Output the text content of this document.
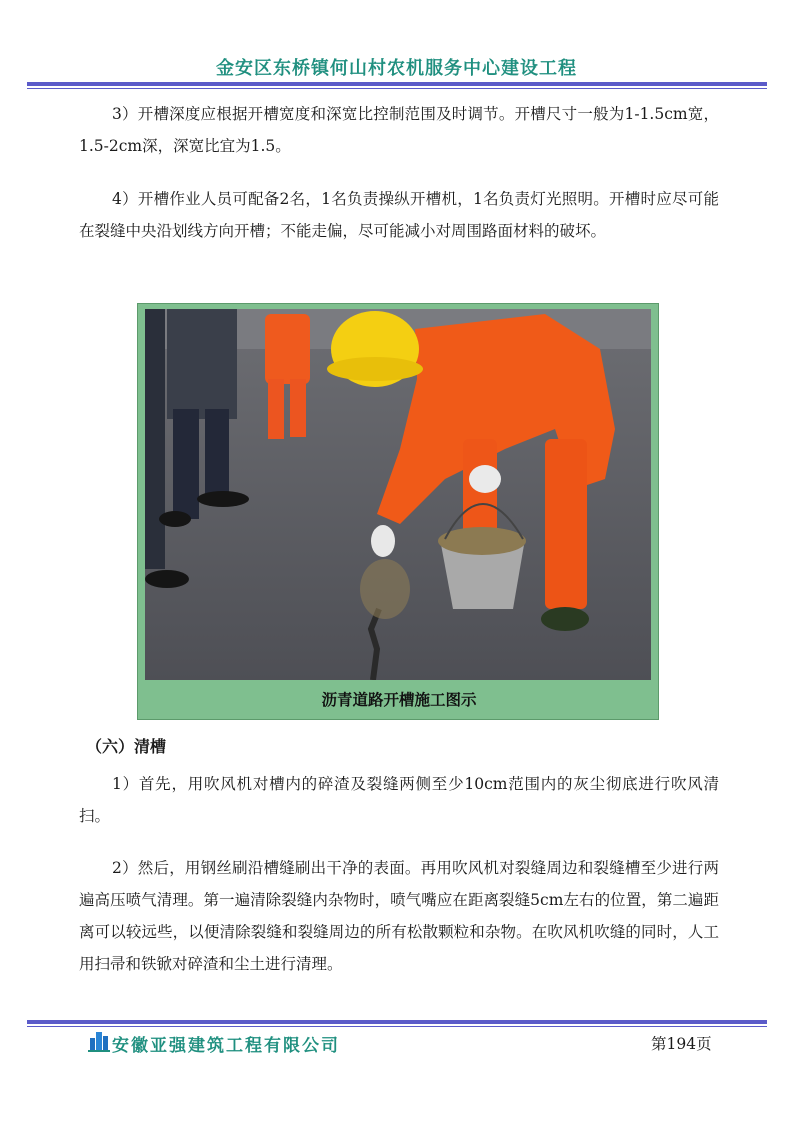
金安区东桥镇何山村农机服务中心建设工程

3）开槽深度应根据开槽宽度和深宽比控制范围及时调节。开槽尺寸一般为1-1.5cm宽，1.5-2cm深，深宽比宜为1.5。

4）开槽作业人员可配备2名，1名负责操纵开槽机，1名负责灯光照明。开槽时应尽可能在裂缝中央沿划线方向开槽；不能走偏，尽可能减小对周围路面材料的破坏。

沥青道路开槽施工图示
（六）清槽

1）首先，用吹风机对槽内的碎渣及裂缝两侧至少10cm范围内的灰尘彻底进行吹风清扫。

2）然后，用钢丝刷沿槽缝刷出干净的表面。再用吹风机对裂缝周边和裂缝槽至少进行两遍高压喷气清理。第一遍清除裂缝内杂物时，喷气嘴应在距离裂缝5cm左右的位置，第二遍距离可以较远些，以便清除裂缝和裂缝周边的所有松散颗粒和杂物。在吹风机吹缝的同时，人工用扫帚和铁锨对碎渣和尘土进行清理。

安徽亚强建筑工程有限公司	第194页
